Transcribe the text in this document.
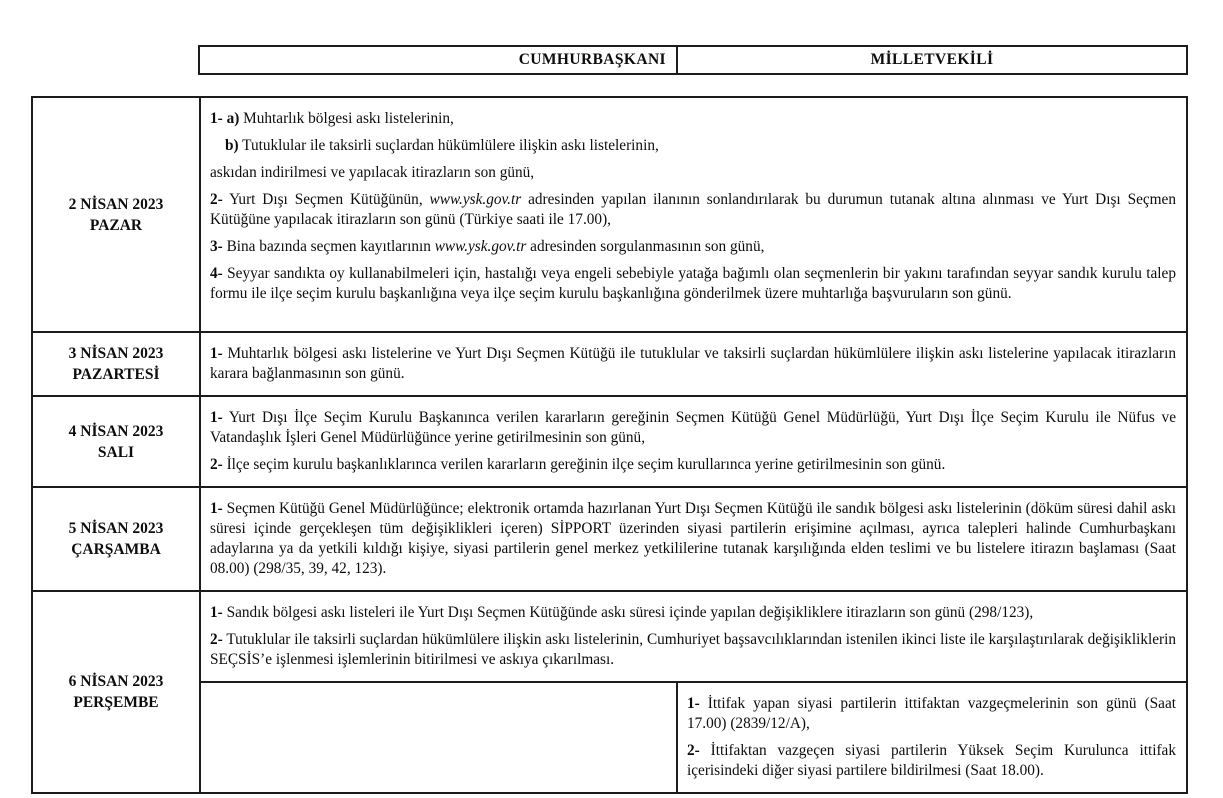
CUMHURBAŞKANI	MİLLETVEKİLİ
2 NİSAN 2023
PAZAR

1- a) Muhtarlık bölgesi askı listelerinin,

b) Tutuklular ile taksirli suçlardan hükümlülere ilişkin askı listelerinin,

askıdan indirilmesi ve yapılacak itirazların son günü,

2- Yurt Dışı Seçmen Kütüğünün, www.ysk.gov.tr adresinden yapılan ilanının sonlandırılarak bu durumun tutanak altına alınması ve Yurt Dışı Seçmen Kütüğüne yapılacak itirazların son günü (Türkiye saati ile 17.00),

3- Bina bazında seçmen kayıtlarının www.ysk.gov.tr adresinden sorgulanmasının son günü,

4- Seyyar sandıkta oy kullanabilmeleri için, hastalığı veya engeli sebebiyle yatağa bağımlı olan seçmenlerin bir yakını tarafından seyyar sandık kurulu talep formu ile ilçe seçim kurulu başkanlığına veya ilçe seçim kurulu başkanlığına gönderilmek üzere muhtarlığa başvuruların son günü.

3 NİSAN 2023
PAZARTESİ

1- Muhtarlık bölgesi askı listelerine ve Yurt Dışı Seçmen Kütüğü ile tutuklular ve taksirli suçlardan hükümlülere ilişkin askı listelerine yapılacak itirazların karara bağlanmasının son günü.

4 NİSAN 2023
SALI

1- Yurt Dışı İlçe Seçim Kurulu Başkanınca verilen kararların gereğinin Seçmen Kütüğü Genel Müdürlüğü, Yurt Dışı İlçe Seçim Kurulu ile Nüfus ve Vatandaşlık İşleri Genel Müdürlüğünce yerine getirilmesinin son günü,

2- İlçe seçim kurulu başkanlıklarınca verilen kararların gereğinin ilçe seçim kurullarınca yerine getirilmesinin son günü.

5 NİSAN 2023
ÇARŞAMBA

1- Seçmen Kütüğü Genel Müdürlüğünce; elektronik ortamda hazırlanan Yurt Dışı Seçmen Kütüğü ile sandık bölgesi askı listelerinin (döküm süresi dahil askı süresi içinde gerçekleşen tüm değişiklikleri içeren) SİPPORT üzerinden siyasi partilerin erişimine açılması, ayrıca talepleri halinde Cumhurbaşkanı adaylarına ya da yetkili kıldığı kişiye, siyasi partilerin genel merkez yetkililerine tutanak karşılığında elden teslimi ve bu listelere itirazın başlaması (Saat 08.00) (298/35, 39, 42, 123).

6 NİSAN 2023
PERŞEMBE

1- Sandık bölgesi askı listeleri ile Yurt Dışı Seçmen Kütüğünde askı süresi içinde yapılan değişikliklere itirazların son günü (298/123),

2- Tutuklular ile taksirli suçlardan hükümlülere ilişkin askı listelerinin, Cumhuriyet başsavcılıklarından istenilen ikinci liste ile karşılaştırılarak değişikliklerin SEÇSİS’e işlenmesi işlemlerinin bitirilmesi ve askıya çıkarılması.

1- İttifak yapan siyasi partilerin ittifaktan vazgeçmelerinin son günü (Saat 17.00) (2839/12/A),

2- İttifaktan vazgeçen siyasi partilerin Yüksek Seçim Kurulunca ittifak içerisindeki diğer siyasi partilere bildirilmesi (Saat 18.00).
